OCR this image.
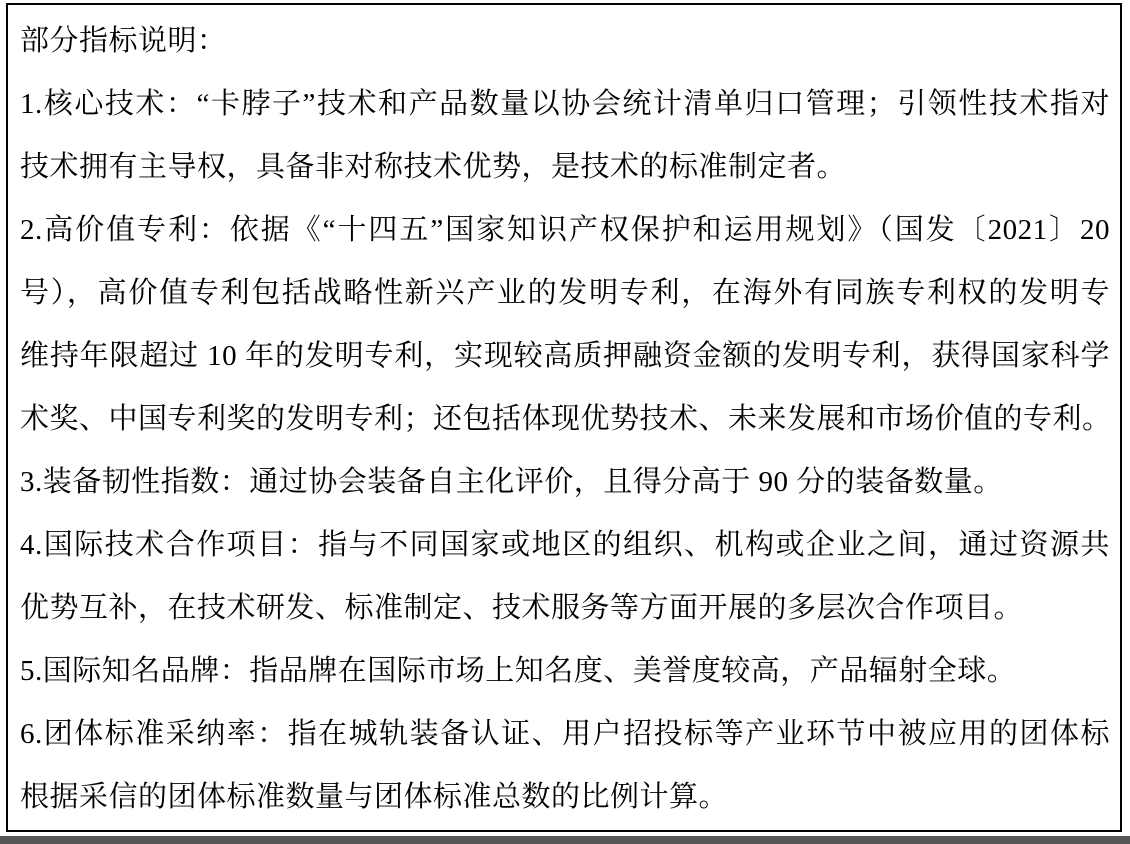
部分指标说明：
1.核心技术：“卡脖子”技术和产品数量以协会统计清单归口管理；引领性技术指对
技术拥有主导权，具备非对称技术优势，是技术的标准制定者。
2.高价值专利：依据《“十四五”国家知识产权保护和运用规划》（国发〔2021〕20
号），高价值专利包括战略性新兴产业的发明专利，在海外有同族专利权的发明专
维持年限超过 10 年的发明专利，实现较高质押融资金额的发明专利，获得国家科学
术奖、中国专利奖的发明专利；还包括体现优势技术、未来发展和市场价值的专利。
3.装备韧性指数：通过协会装备自主化评价，且得分高于 90 分的装备数量。
4.国际技术合作项目：指与不同国家或地区的组织、机构或企业之间，通过资源共
优势互补，在技术研发、标准制定、技术服务等方面开展的多层次合作项目。
5.国际知名品牌：指品牌在国际市场上知名度、美誉度较高，产品辐射全球。
6.团体标准采纳率：指在城轨装备认证、用户招投标等产业环节中被应用的团体标
根据采信的团体标准数量与团体标准总数的比例计算。
